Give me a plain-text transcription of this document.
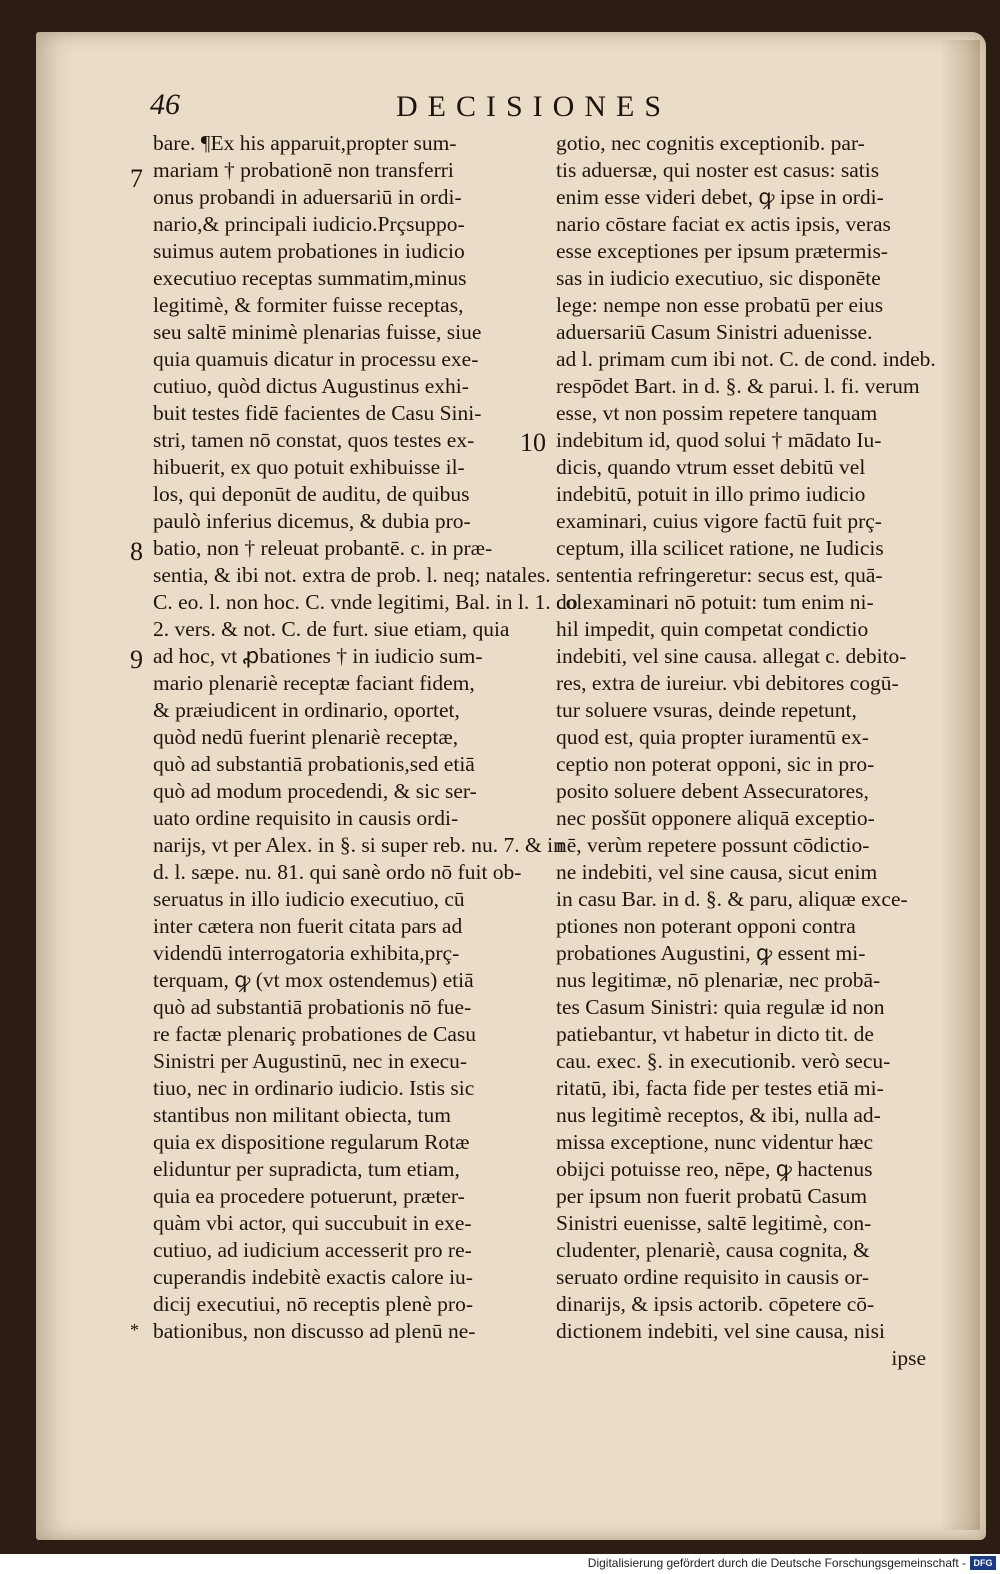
46	DECISIONES
7
8
9
10
*
bare. ¶Ex his apparuit,propter sum-
mariam † probationē non transferri
onus probandi in aduersariū in ordi-
nario,& principali iudicio.Prçsuppo-
suimus autem probationes in iudicio
executiuo receptas summatim,minus
legitimè, & formiter fuisse receptas,
seu saltē minimè plenarias fuisse, siue
quia quamuis dicatur in processu exe-
cutiuo, quòd dictus Augustinus exhi-
buit testes fidē facientes de Casu Sini-
stri, tamen nō constat, quos testes ex-
hibuerit, ex quo potuit exhibuisse il-
los, qui deponūt de auditu, de quibus
paulò inferius dicemus, & dubia pro-
batio, non † releuat probantē. c. in præ-
sentia, & ibi not. extra de prob. l. neq; natales.
C. eo. l. non hoc. C. vnde legitimi, Bal. in l. 1. col.
2. vers. & not. C. de furt. siue etiam, quia
ad hoc, vt ꝓbationes † in iudicio sum-
mario plenariè receptæ faciant fidem,
& præiudicent in ordinario, oportet,
quòd nedū fuerint plenariè receptæ,
quò ad substantiā probationis,sed etiā
quò ad modum procedendi, & sic ser-
uato ordine requisito in causis ordi-
narijs, vt per Alex. in §. si super reb. nu. 7. & in
d. l. sæpe. nu. 81. qui sanè ordo nō fuit ob-
seruatus in illo iudicio executiuo, cū
inter cætera non fuerit citata pars ad
videndū interrogatoria exhibita,prç-
terquam, ꝙ (vt mox ostendemus) etiā
quò ad substantiā probationis nō fue-
re factæ plenariç probationes de Casu
Sinistri per Augustinū, nec in execu-
tiuo, nec in ordinario iudicio. Istis sic
stantibus non militant obiecta, tum
quia ex dispositione regularum Rotæ
eliduntur per supradicta, tum etiam,
quia ea procedere potuerunt, præter-
quàm vbi actor, qui succubuit in exe-
cutiuo, ad iudicium accesserit pro re-
cuperandis indebitè exactis calore iu-
dicij executiui, nō receptis plenè pro-
bationibus, non discusso ad plenū ne-
gotio, nec cognitis exceptionib. par-
tis aduersæ, qui noster est casus: satis
enim esse videri debet, ꝙ ipse in ordi-
nario cōstare faciat ex actis ipsis, veras
esse exceptiones per ipsum prætermis-
sas in iudicio executiuo, sic disponēte
lege: nempe non esse probatū per eius
aduersariū Casum Sinistri aduenisse.
ad l. primam cum ibi not. C. de cond. indeb.
respōdet Bart. in d. §. & parui. l. fi. verum
esse, vt non possim repetere tanquam
indebitum id, quod solui † mādato Iu-
dicis, quando vtrum esset debitū vel
indebitū, potuit in illo primo iudicio
examinari, cuius vigore factū fuit prç-
ceptum, illa scilicet ratione, ne Iudicis
sententia refringeretur: secus est, quā-
do examinari nō potuit: tum enim ni-
hil impedit, quin competat condictio
indebiti, vel sine causa. allegat c. debito-
res, extra de iureiur. vbi debitores cogū-
tur soluere vsuras, deinde repetunt,
quod est, quia propter iuramentū ex-
ceptio non poterat opponi, sic in pro-
posito soluere debent Assecuratores,
nec posšūt opponere aliquā exceptio-
nē, verùm repetere possunt cōdictio-
ne indebiti, vel sine causa, sicut enim
in casu Bar. in d. §. & paru, aliquæ exce-
ptiones non poterant opponi contra
probationes Augustini, ꝙ essent mi-
nus legitimæ, nō plenariæ, nec probā-
tes Casum Sinistri: quia regulæ id non
patiebantur, vt habetur in dicto tit. de
cau. exec. §. in executionib. verò secu-
ritatū, ibi, facta fide per testes etiā mi-
nus legitimè receptos, & ibi, nulla ad-
missa exceptione, nunc videntur hæc
obijci potuisse reo, nēpe, ꝙ hactenus
per ipsum non fuerit probatū Casum
Sinistri euenisse, saltē legitimè, con-
cludenter, plenariè, causa cognita, &
seruato ordine requisito in causis or-
dinarijs, & ipsis actorib. cōpetere cō-
dictionem indebiti, vel sine causa, nisi
ipse
Digitalisierung gefördert durch die Deutsche Forschungsgemeinschaft - DFG
